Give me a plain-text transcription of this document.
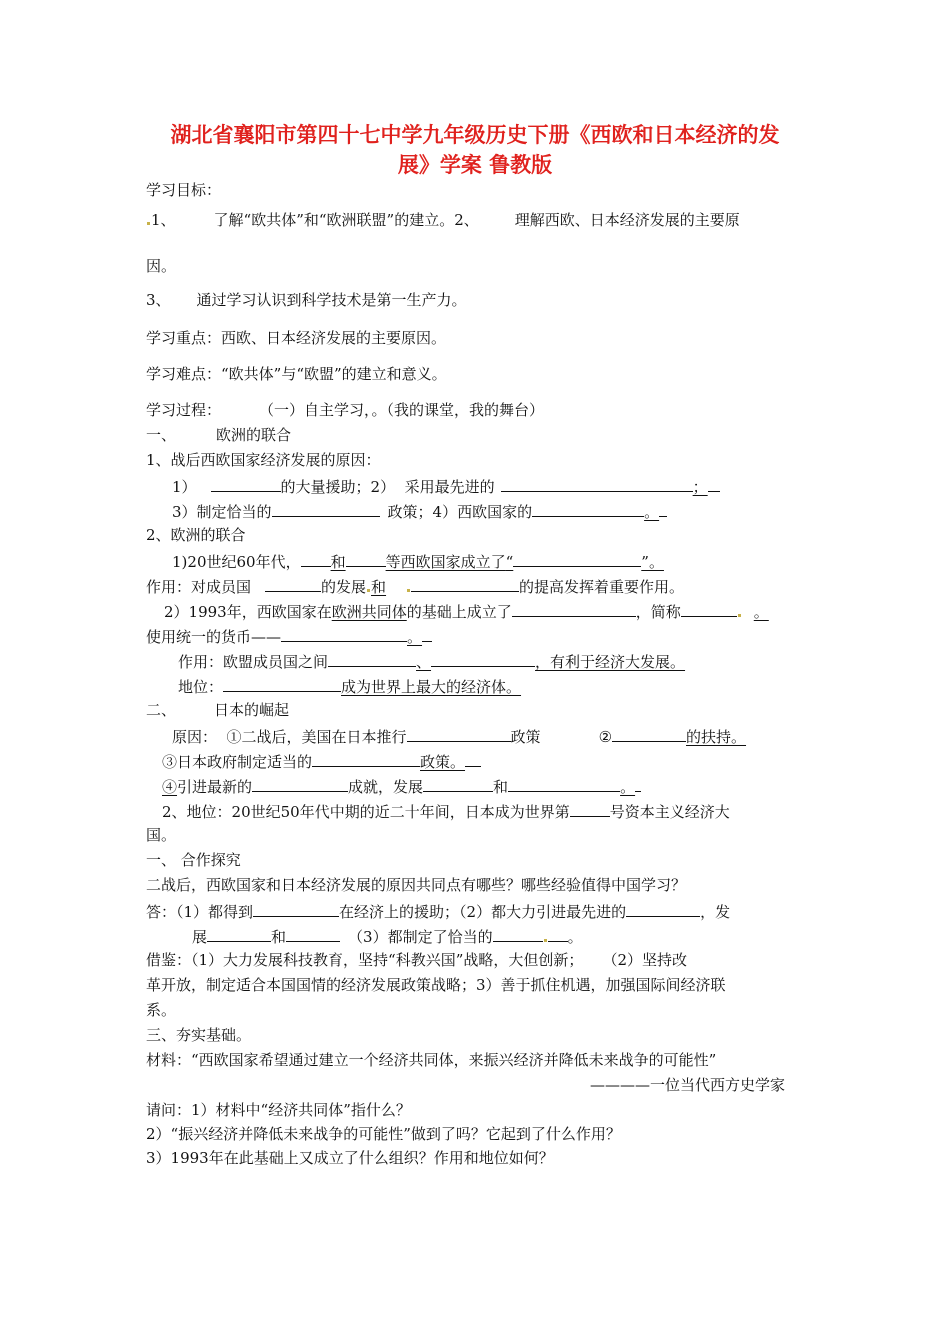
湖北省襄阳市第四十七中学九年级历史下册《西欧和日本经济的发
展》学案 鲁教版
学习目标：
1、	了解“欧共体”和“欧洲联盟”的建立。2、 理解西欧、日本经济发展的主要原
因。
3、 通过学习认识到科学技术是第一生产力。
学习重点：西欧、日本经济发展的主要原因。
学习难点：“欧共体”与“欧盟”的建立和意义。
学习过程：	（一）自主学习，。（我的课堂，我的舞台）
一、	欧洲的联合
1、战后西欧国家经济发展的原因：
1）	的大量援助；2）  采用最先进的	；
3）制定恰当的	政策；4）西欧国家的	。
2、欧洲的联合
1)20世纪60年代， 和	等西欧国家成立了“	”。
作用：对成员国	的发展 和	的提高发挥着重要作用。
2）1993年，西欧国家在欧洲共同体的基础上成立了	，简称	。
使用统一的货币——	。
作用：欧盟成员国之间	、	，有利于经济大发展。
地位：	成为世界上最大的经济体。
二、	日本的崛起
原因：  ①二战后，美国在日本推行	政策	②	的扶持。
③日本政府制定适当的	政策。
④引进最新的	成就，发展	和	。
2、地位：20世纪50年代中期的近二十年间，日本成为世界第	号资本主义经济大
国。
一、 合作探究
二战后，西欧国家和日本经济发展的原因共同点有哪些？哪些经验值得中国学习？
答：（1）都得到	在经济上的援助；（2）都大力引进最先进的	，发
展	和	（3）都制定了恰当的	。
借鉴：（1）大力发展科技教育，坚持“科教兴国”战略，大但创新；    （2）坚持改
革开放，制定适合本国国情的经济发展政策战略；3）善于抓住机遇，加强国际间经济联
系。
三、夯实基础。
材料：“西欧国家希望通过建立一个经济共同体，来振兴经济并降低未来战争的可能性”
————一位当代西方史学家
请问：1）材料中“经济共同体”指什么？
2）“振兴经济并降低未来战争的可能性”做到了吗？它起到了什么作用？
3）1993年在此基础上又成立了什么组织？作用和地位如何？
